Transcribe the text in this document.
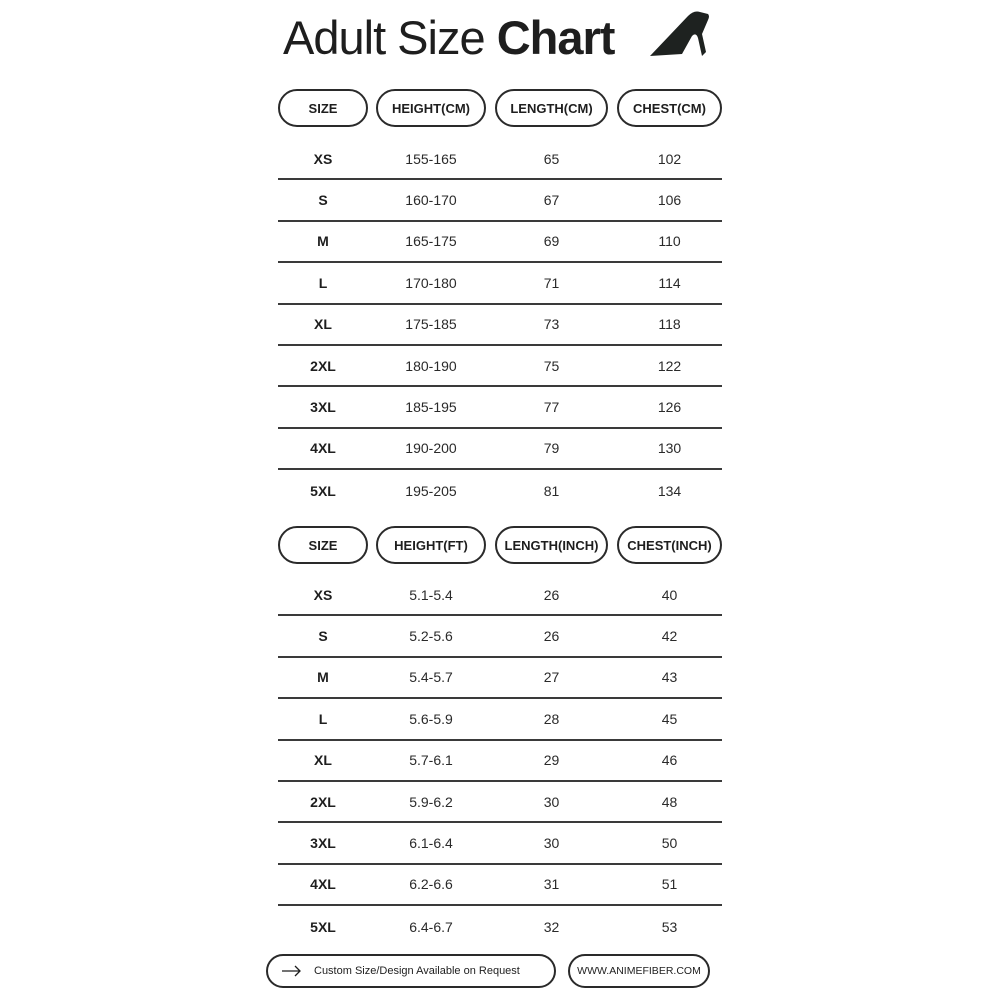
Adult Size Chart
SIZE	HEIGHT(CM)	LENGTH(CM)	CHEST(CM)
XS	155-165	65	102
S	160-170	67	106
M	165-175	69	110
L	170-180	71	114
XL	175-185	73	118
2XL	180-190	75	122
3XL	185-195	77	126
4XL	190-200	79	130
5XL	195-205	81	134
SIZE	HEIGHT(FT)	LENGTH(INCH)	CHEST(INCH)
XS	5.1-5.4	26	40
S	5.2-5.6	26	42
M	5.4-5.7	27	43
L	5.6-5.9	28	45
XL	5.7-6.1	29	46
2XL	5.9-6.2	30	48
3XL	6.1-6.4	30	50
4XL	6.2-6.6	31	51
5XL	6.4-6.7	32	53
Custom Size/Design Available on Request	WWW.ANIMEFIBER.COM
